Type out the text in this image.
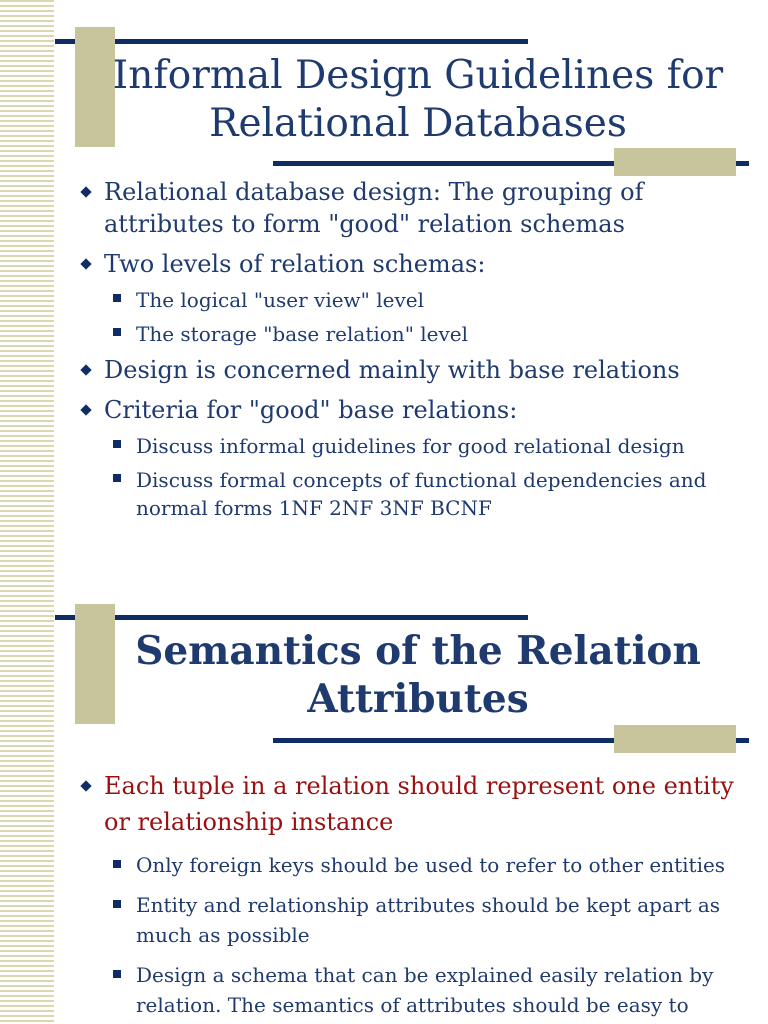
Informal Design Guidelines for
Relational Databases
Relational database design: The grouping of attributes to form "good" relation schemas
Two levels of relation schemas:
The logical "user view" level
The storage "base relation" level
Design is concerned mainly with base relations
Criteria for "good" base relations:
Discuss informal guidelines for good relational design
Discuss formal concepts of functional dependencies and normal forms 1NF 2NF 3NF BCNF
Semantics of the Relation
Attributes
Each tuple in a relation should represent one entity or relationship instance
Only foreign keys should be used to refer to other entities
Entity and relationship attributes should be kept apart as much as possible
Design a schema that can be explained easily relation by relation. The semantics of attributes should be easy to
